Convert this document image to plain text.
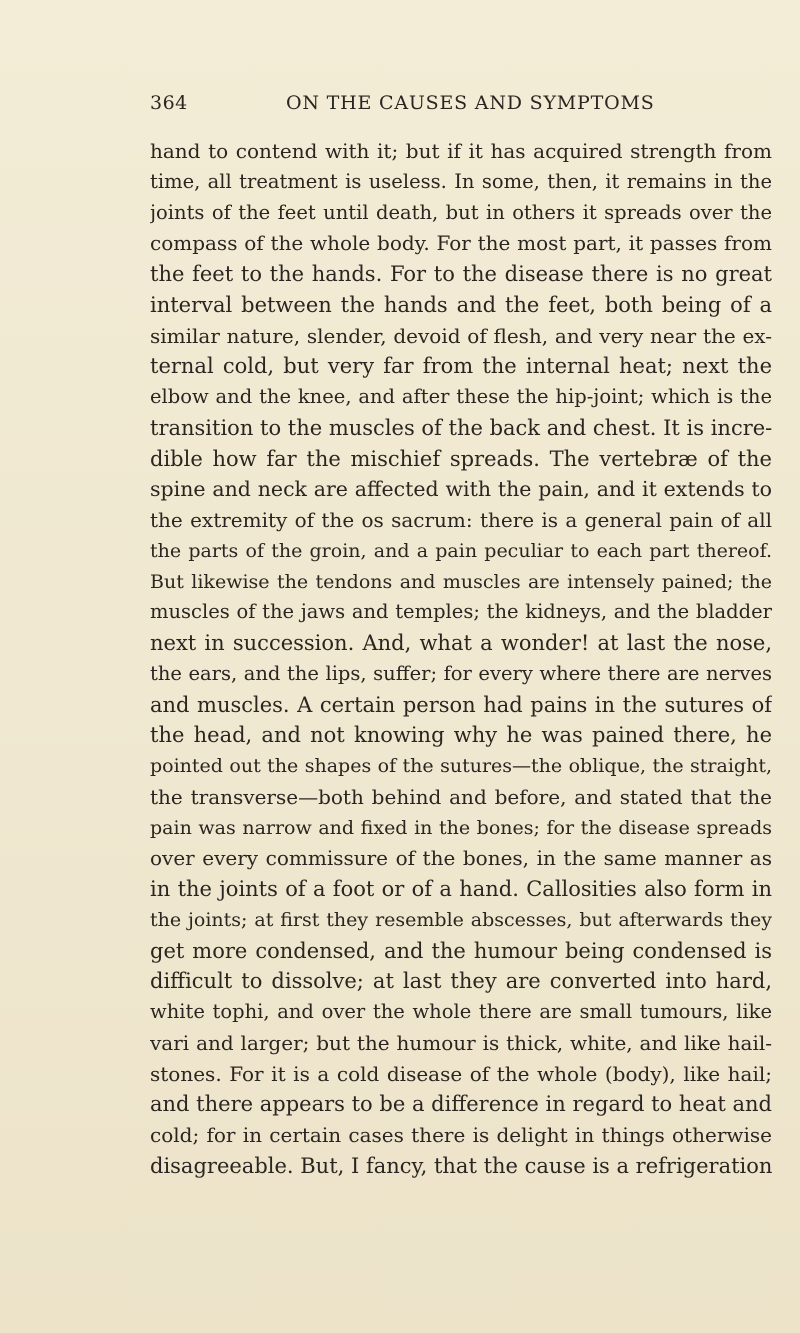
364	ON THE CAUSES AND SYMPTOMS
hand to contend with it; but if it has acquired strength from
time, all treatment is useless. In some, then, it remains in the
joints of the feet until death, but in others it spreads over the
compass of the whole body. For the most part, it passes from
the feet to the hands. For to the disease there is no great
interval between the hands and the feet, both being of a
similar nature, slender, devoid of flesh, and very near the ex-
ternal cold, but very far from the internal heat; next the
elbow and the knee, and after these the hip-joint; which is the
transition to the muscles of the back and chest. It is incre-
dible how far the mischief spreads. The vertebræ of the
spine and neck are affected with the pain, and it extends to
the extremity of the os sacrum: there is a general pain of all
the parts of the groin, and a pain peculiar to each part thereof.
But likewise the tendons and muscles are intensely pained; the
muscles of the jaws and temples; the kidneys, and the bladder
next in succession. And, what a wonder! at last the nose,
the ears, and the lips, suffer; for every where there are nerves
and muscles. A certain person had pains in the sutures of
the head, and not knowing why he was pained there, he
pointed out the shapes of the sutures—the oblique, the straight,
the transverse—both behind and before, and stated that the
pain was narrow and fixed in the bones; for the disease spreads
over every commissure of the bones, in the same manner as
in the joints of a foot or of a hand. Callosities also form in
the joints; at first they resemble abscesses, but afterwards they
get more condensed, and the humour being condensed is
difficult to dissolve; at last they are converted into hard,
white tophi, and over the whole there are small tumours, like
vari and larger; but the humour is thick, white, and like hail-
stones. For it is a cold disease of the whole (body), like hail;
and there appears to be a difference in regard to heat and
cold; for in certain cases there is delight in things otherwise
disagreeable. But, I fancy, that the cause is a refrigeration
